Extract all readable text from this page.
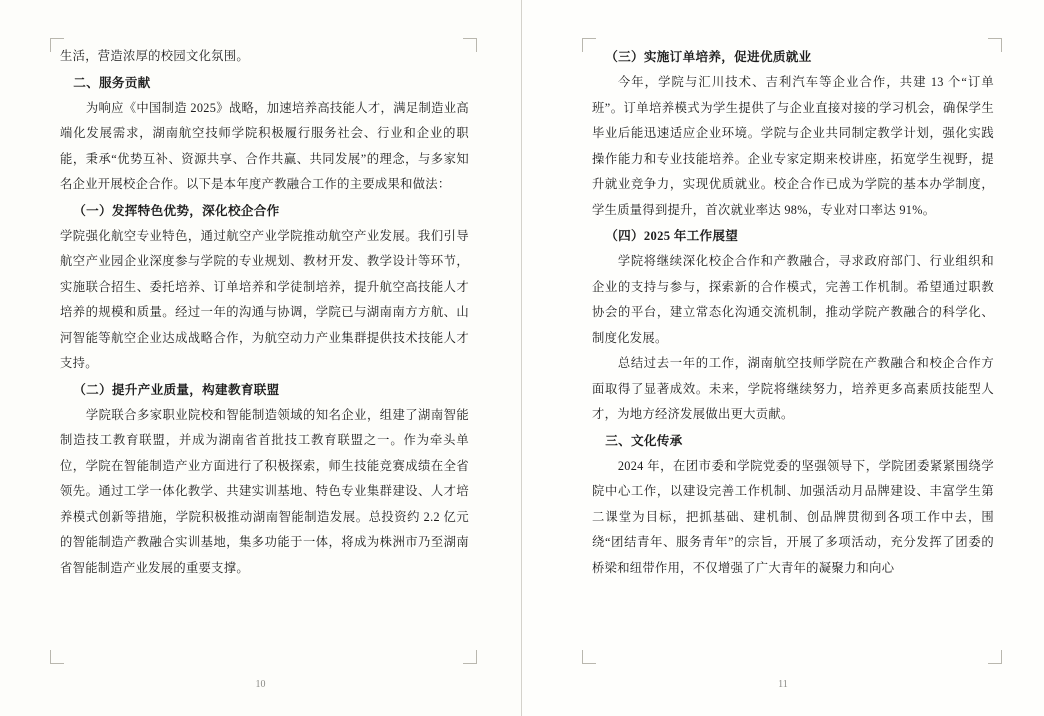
生活，营造浓厚的校园文化氛围。

二、服务贡献

为响应《中国制造 2025》战略，加速培养高技能人才，满足制造业高端化发展需求，湖南航空技师学院积极履行服务社会、行业和企业的职能，秉承“优势互补、资源共享、合作共赢、共同发展”的理念，与多家知名企业开展校企合作。以下是本年度产教融合工作的主要成果和做法：

（一）发挥特色优势，深化校企合作

学院强化航空专业特色，通过航空产业学院推动航空产业发展。我们引导航空产业园企业深度参与学院的专业规划、教材开发、教学设计等环节，实施联合招生、委托培养、订单培养和学徒制培养，提升航空高技能人才培养的规模和质量。经过一年的沟通与协调，学院已与湖南南方方航、山河智能等航空企业达成战略合作，为航空动力产业集群提供技术技能人才支持。

（二）提升产业质量，构建教育联盟

学院联合多家职业院校和智能制造领域的知名企业，组建了湖南智能制造技工教育联盟，并成为湖南省首批技工教育联盟之一。作为牵头单位，学院在智能制造产业方面进行了积极探索，师生技能竞赛成绩在全省领先。通过工学一体化教学、共建实训基地、特色专业集群建设、人才培养模式创新等措施，学院积极推动湖南智能制造发展。总投资约 2.2 亿元的智能制造产教融合实训基地，集多功能于一体，将成为株洲市乃至湖南省智能制造产业发展的重要支撑。

10
（三）实施订单培养，促进优质就业

今年，学院与汇川技术、吉利汽车等企业合作，共建 13 个“订单班”。订单培养模式为学生提供了与企业直接对接的学习机会，确保学生毕业后能迅速适应企业环境。学院与企业共同制定教学计划，强化实践操作能力和专业技能培养。企业专家定期来校讲座，拓宽学生视野，提升就业竞争力，实现优质就业。校企合作已成为学院的基本办学制度，学生质量得到提升，首次就业率达 98%，专业对口率达 91%。

（四）2025 年工作展望

学院将继续深化校企合作和产教融合，寻求政府部门、行业组织和企业的支持与参与，探索新的合作模式，完善工作机制。希望通过职教协会的平台，建立常态化沟通交流机制，推动学院产教融合的科学化、制度化发展。

总结过去一年的工作，湖南航空技师学院在产教融合和校企合作方面取得了显著成效。未来，学院将继续努力，培养更多高素质技能型人才，为地方经济发展做出更大贡献。

三、文化传承

2024 年，在团市委和学院党委的坚强领导下，学院团委紧紧围绕学院中心工作，以建设完善工作机制、加强活动月品牌建设、丰富学生第二课堂为目标，把抓基础、建机制、创品牌贯彻到各项工作中去，围绕“团结青年、服务青年”的宗旨，开展了多项活动，充分发挥了团委的桥梁和纽带作用，不仅增强了广大青年的凝聚力和向心

11
